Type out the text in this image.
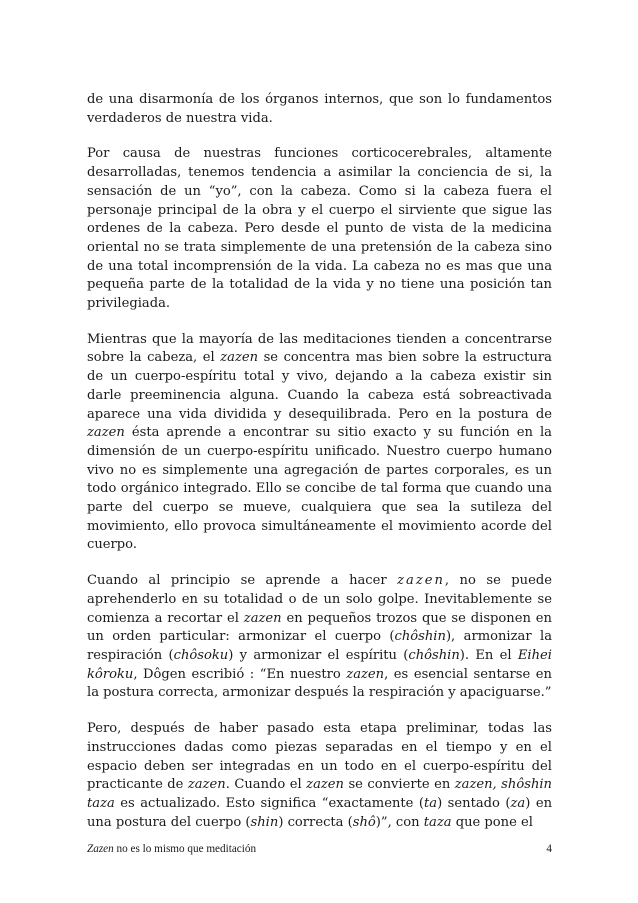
de una disarmonía de los órganos internos, que son lo fundamentos verdaderos de nuestra vida.

Por causa de nuestras funciones corticocerebrales, altamente desarrolladas, tenemos tendencia a asimilar la conciencia de si, la sensación de un “yo”, con la cabeza. Como si la cabeza fuera el personaje principal de la obra y el cuerpo el sirviente que sigue las ordenes de la cabeza. Pero desde el punto de vista de la medicina oriental no se trata simplemente de una pretensión de la cabeza sino de una total incomprensión de la vida. La cabeza no es mas que una pequeña parte de la totalidad de la vida y no tiene una posición tan privilegiada.

Mientras que la mayoría de las meditaciones tienden a concentrarse sobre la cabeza, el zazen se concentra mas bien sobre la estructura de un cuerpo-espíritu total y vivo, dejando a la cabeza existir sin darle preeminencia alguna. Cuando la cabeza está sobreactivada aparece una vida dividida y desequilibrada. Pero en la postura de zazen ésta aprende a encontrar su sitio exacto y su función en la dimensión de un cuerpo-espíritu unificado. Nuestro cuerpo humano vivo no es simplemente una agregación de partes corporales, es un todo orgánico integrado. Ello se concibe de tal forma que cuando una parte del cuerpo se mueve, cualquiera que sea la sutileza del movimiento, ello provoca simultáneamente el movimiento acorde del cuerpo.

Cuando al principio se aprende a hacer zazen, no se puede aprehenderlo en su totalidad o de un solo golpe. Inevitablemente se comienza a recortar el zazen en pequeños trozos que se disponen en un orden particular: armonizar el cuerpo (chôshin), armonizar la respiración (chôsoku) y armonizar el espíritu (chôshin). En el Eihei kôroku, Dôgen escribió : “En nuestro zazen, es esencial sentarse en la postura correcta, armonizar después la respiración y apaciguarse.”

Pero, después de haber pasado esta etapa preliminar, todas las instrucciones dadas como piezas separadas en el tiempo y en el espacio deben ser integradas en un todo en el cuerpo-espíritu del practicante de zazen. Cuando el zazen se convierte en zazen, shôshin taza es actualizado. Esto significa “exactamente (ta) sentado (za) en una postura del cuerpo (shin) correcta (shô)”, con taza que pone el

Zazen no es lo mismo que meditación	4
